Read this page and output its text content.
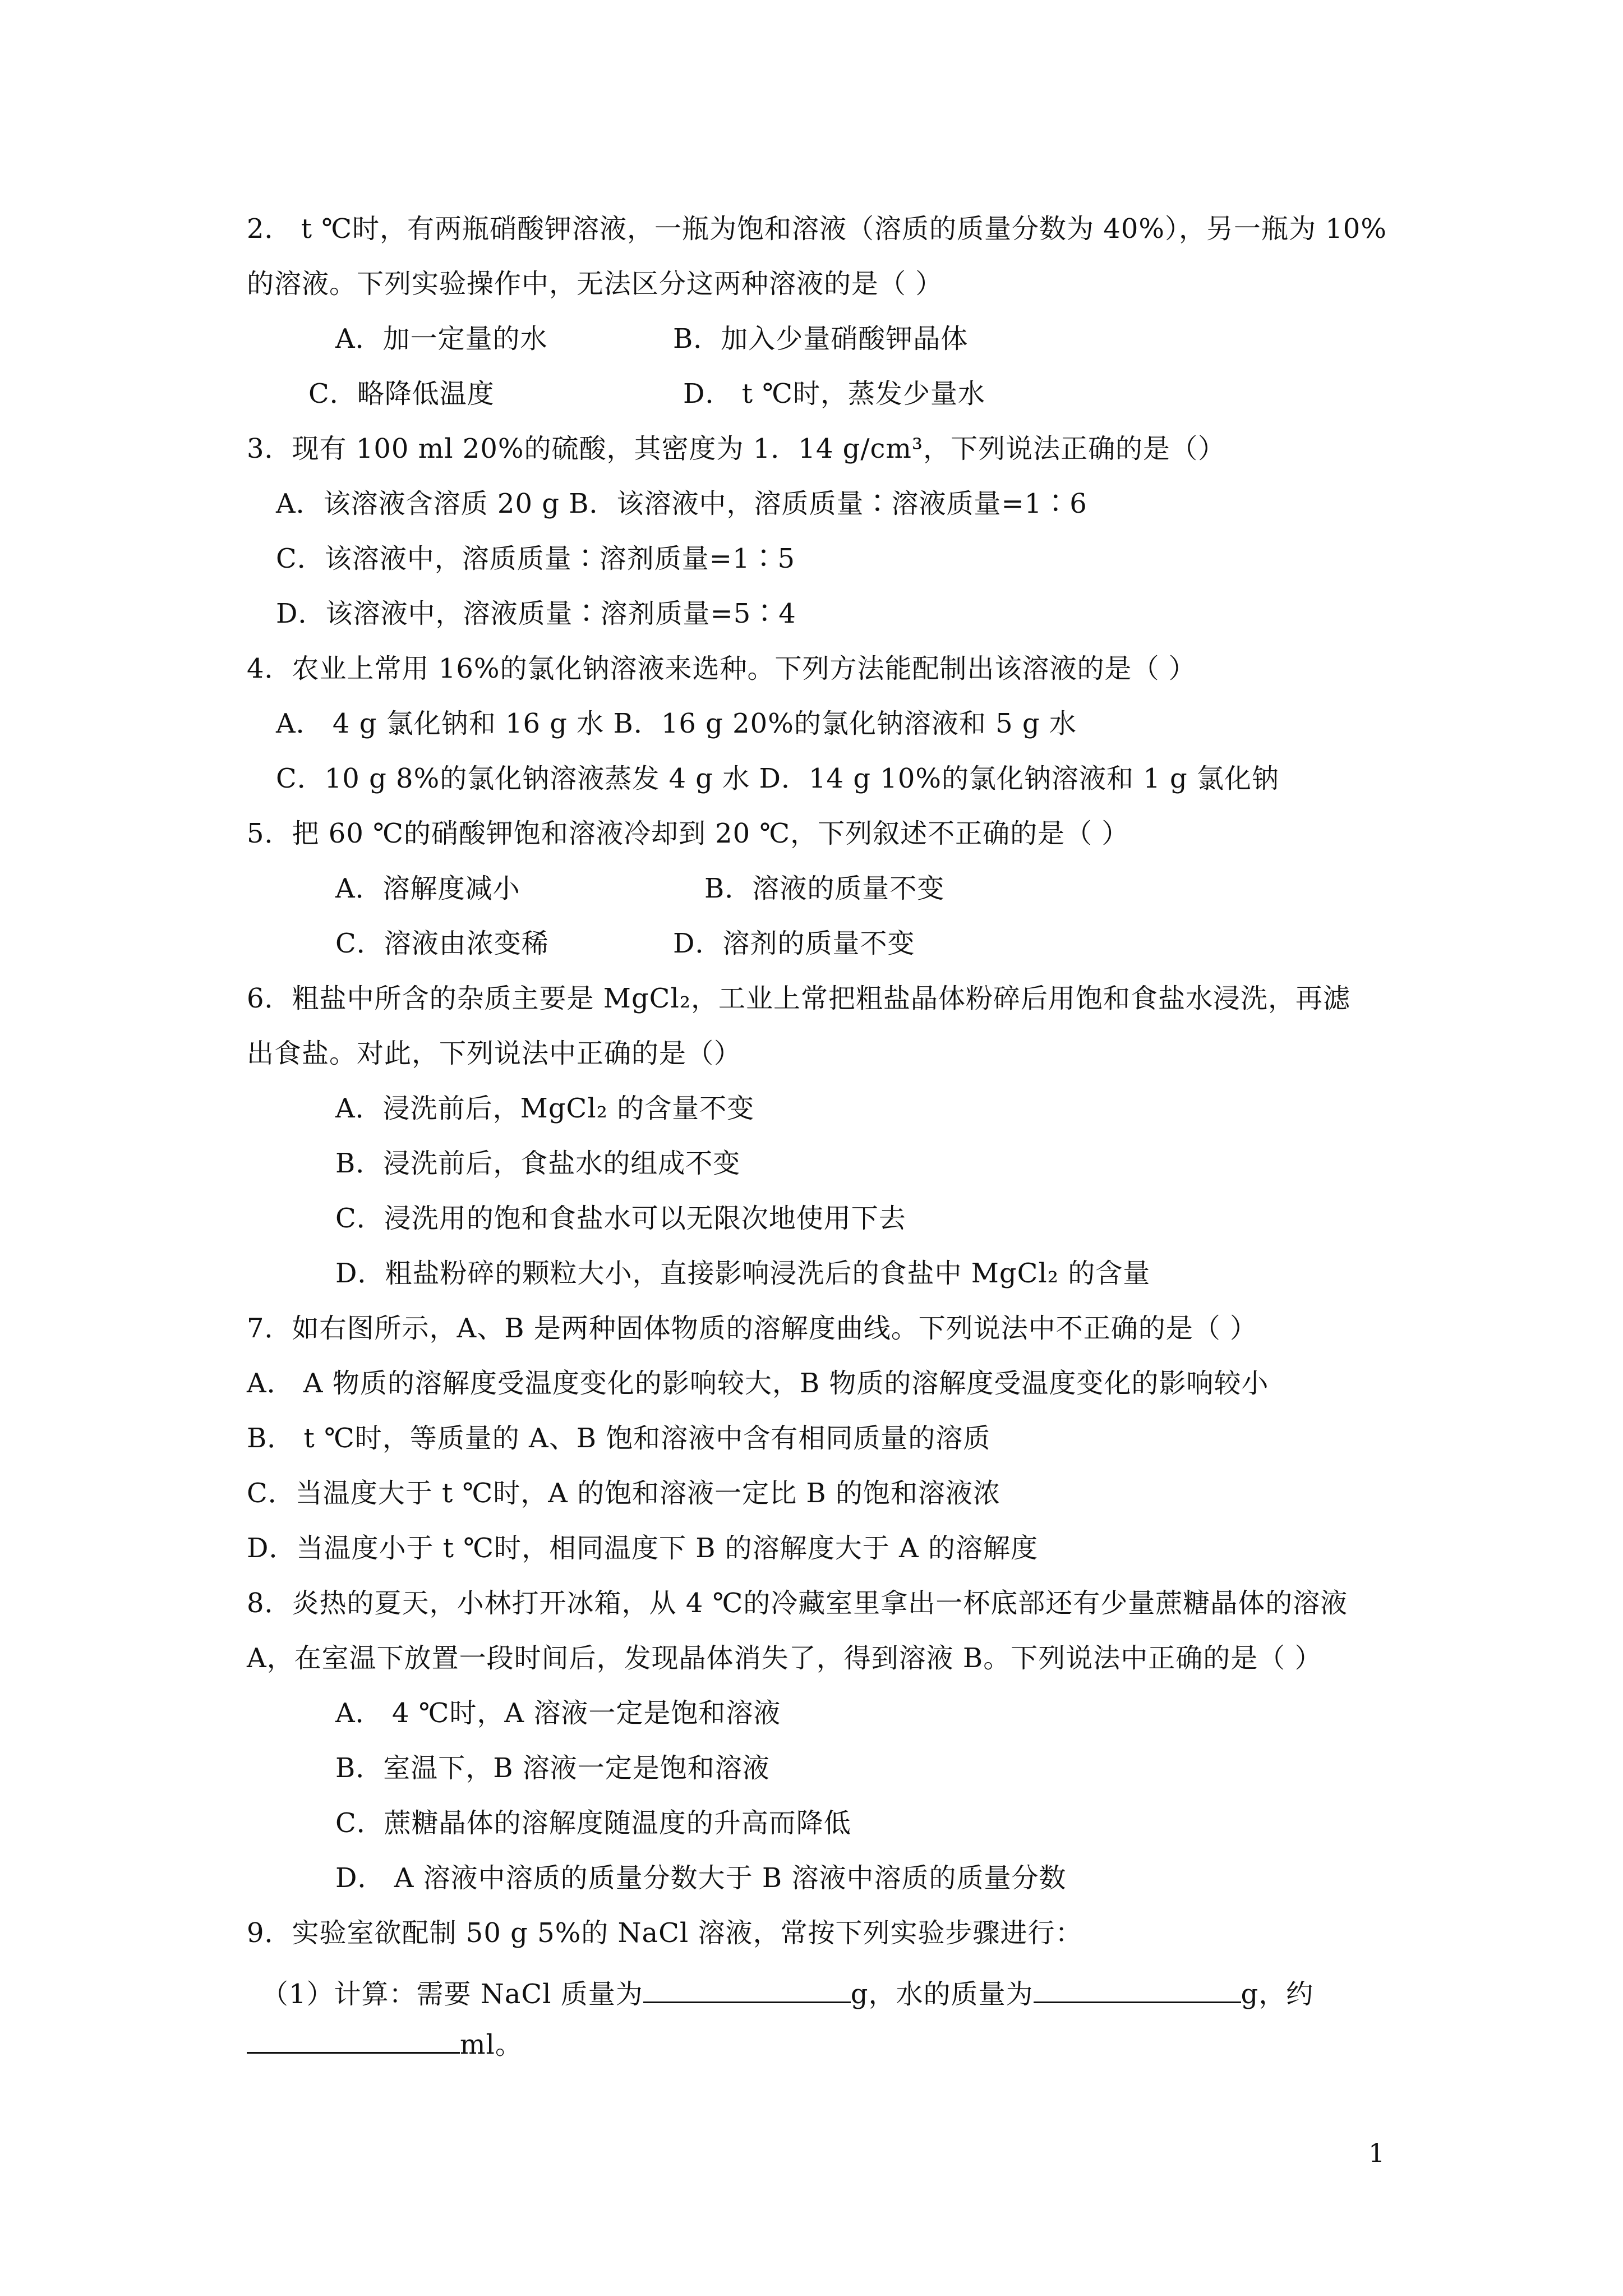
2． t ℃时，有两瓶硝酸钾溶液，一瓶为饱和溶液（溶质的质量分数为 40%），另一瓶为 10%
的溶液。下列实验操作中，无法区分这两种溶液的是（ ）
A．加一定量的水	B．加入少量硝酸钾晶体
C．略降低温度	D． t ℃时，蒸发少量水
3．现有 100 ml 20%的硫酸，其密度为 1．14 g/cm³，下列说法正确的是（）
A．该溶液含溶质 20 g B．该溶液中，溶质质量∶溶液质量=1∶6
C．该溶液中，溶质质量∶溶剂质量=1∶5
D．该溶液中，溶液质量∶溶剂质量=5∶4
4．农业上常用 16%的氯化钠溶液来选种。下列方法能配制出该溶液的是（ ）
A． 4 g 氯化钠和 16 g 水 B．16 g 20%的氯化钠溶液和 5 g 水
C．10 g 8%的氯化钠溶液蒸发 4 g 水 D．14 g 10%的氯化钠溶液和 1 g 氯化钠
5．把 60 ℃的硝酸钾饱和溶液冷却到 20 ℃，下列叙述不正确的是（ ）
A．溶解度减小	B．溶液的质量不变
C．溶液由浓变稀	D．溶剂的质量不变
6．粗盐中所含的杂质主要是 MgCl₂，工业上常把粗盐晶体粉碎后用饱和食盐水浸洗，再滤
出食盐。对此，下列说法中正确的是（）
A．浸洗前后，MgCl₂ 的含量不变
B．浸洗前后，食盐水的组成不变
C．浸洗用的饱和食盐水可以无限次地使用下去
D．粗盐粉碎的颗粒大小，直接影响浸洗后的食盐中 MgCl₂ 的含量
7．如右图所示，A、B 是两种固体物质的溶解度曲线。下列说法中不正确的是（ ）
A． A 物质的溶解度受温度变化的影响较大，B 物质的溶解度受温度变化的影响较小
B． t ℃时，等质量的 A、B 饱和溶液中含有相同质量的溶质
C．当温度大于 t ℃时，A 的饱和溶液一定比 B 的饱和溶液浓
D．当温度小于 t ℃时，相同温度下 B 的溶解度大于 A 的溶解度
8．炎热的夏天，小林打开冰箱，从 4 ℃的冷藏室里拿出一杯底部还有少量蔗糖晶体的溶液
A，在室温下放置一段时间后，发现晶体消失了，得到溶液 B。下列说法中正确的是（ ）
A． 4 ℃时，A 溶液一定是饱和溶液
B．室温下，B 溶液一定是饱和溶液
C．蔗糖晶体的溶解度随温度的升高而降低
D． A 溶液中溶质的质量分数大于 B 溶液中溶质的质量分数
9．实验室欲配制 50 g 5%的 NaCl 溶液，常按下列实验步骤进行：
（1）计算：需要 NaCl 质量为	g，水的质量为	g，约
ml。
1
